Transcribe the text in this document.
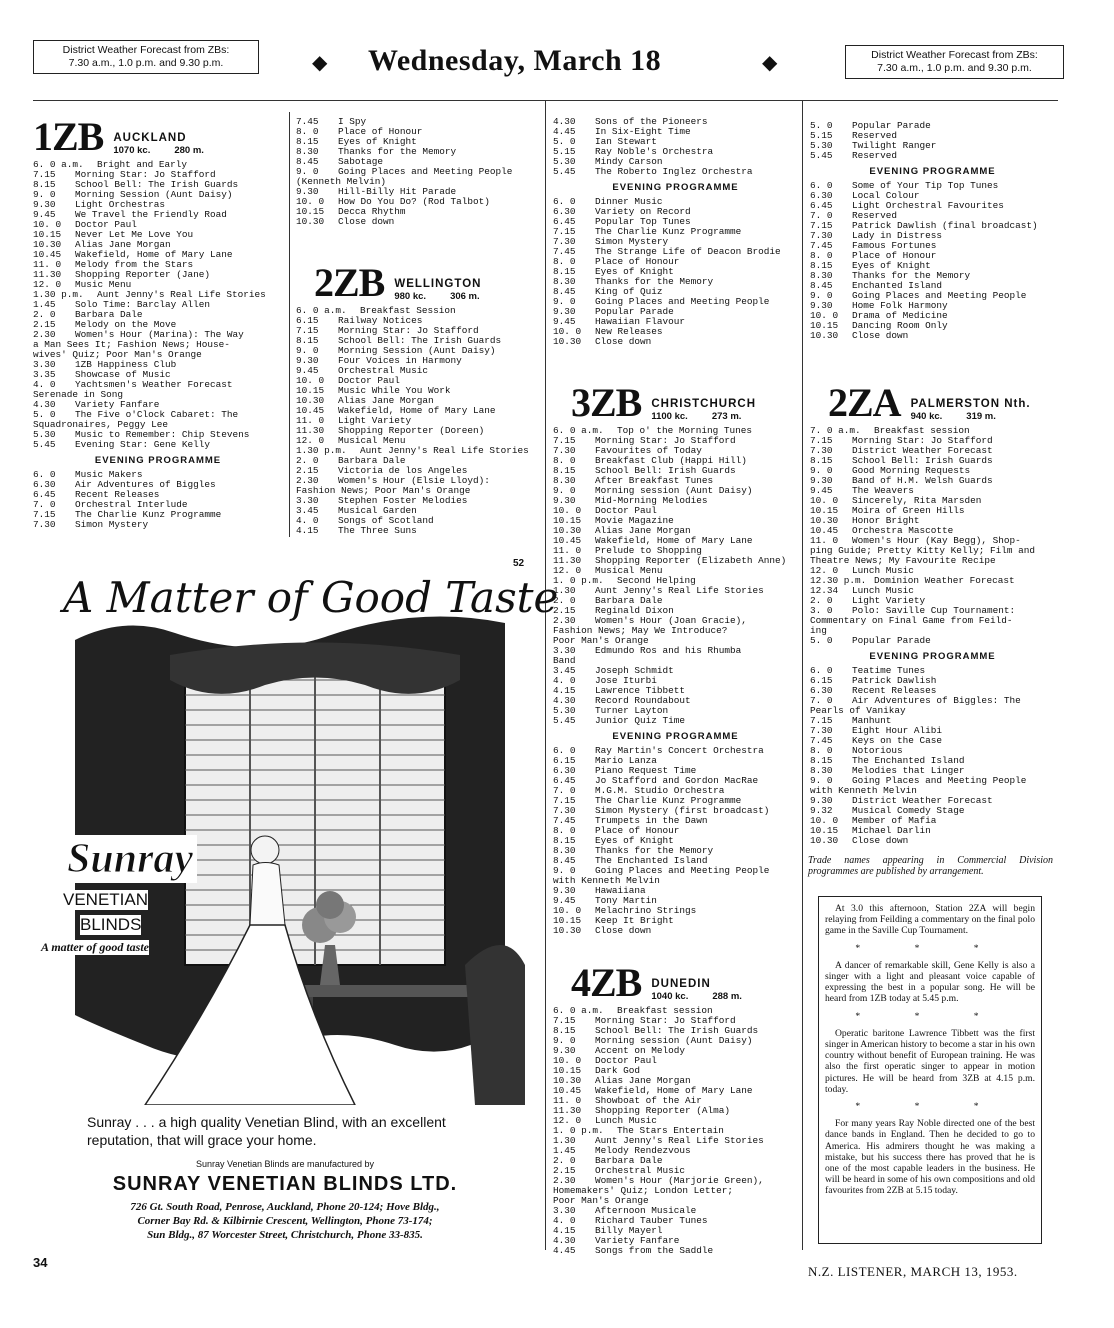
District Weather Forecast from ZBs:
7.30 a.m., 1.0 p.m. and 9.30 p.m.	◆ Wednesday, March 18	◆	District Weather Forecast from ZBs:
7.30 a.m., 1.0 p.m. and 9.30 p.m.
1ZB AUCKLAND
1070 kc.	280 m.
6. 0 a.m.	Bright and Early
7.15	Morning Star: Jo Stafford
8.15	School Bell: The Irish Guards
9. 0	Morning Session (Aunt Daisy)
9.30	Light Orchestras
9.45	We Travel the Friendly Road
10. 0	Doctor Paul
10.15	Never Let Me Love You
10.30	Alias Jane Morgan
10.45	Wakefield, Home of Mary Lane
11. 0	Melody from the Stars
11.30	Shopping Reporter (Jane)
12. 0	Music Menu
1.30 p.m.	Aunt Jenny's Real Life Stories
1.45	Solo Time: Barclay Allen
2. 0	Barbara Dale
2.15	Melody on the Move
2.30	Women's Hour (Marina): The Way
a Man Sees It; Fashion News; House-
wives' Quiz; Poor Man's Orange
3.30	1ZB Happiness Club
3.35	Showcase of Music
4. 0	Yachtsmen's Weather Forecast
Serenade in Song
4.30	Variety Fanfare
5. 0	The Five o'Clock Cabaret: The
Squadronaires, Peggy Lee
5.30	Music to Remember: Chip Stevens
5.45	Evening Star: Gene Kelly
EVENING PROGRAMME
6. 0	Music Makers
6.30	Air Adventures of Biggles
6.45	Recent Releases
7. 0	Orchestral Interlude
7.15	The Charlie Kunz Programme
7.30	Simon Mystery
7.45	I Spy
8. 0	Place of Honour
8.15	Eyes of Knight
8.30	Thanks for the Memory
8.45	Sabotage
9. 0	Going Places and Meeting People
(Kenneth Melvin)
9.30	Hill-Billy Hit Parade
10. 0	How Do You Do? (Rod Talbot)
10.15	Decca Rhythm
10.30	Close down
2ZB WELLINGTON
980 kc.	306 m.
6. 0 a.m.	Breakfast Session
6.15	Railway Notices
7.15	Morning Star: Jo Stafford
8.15	School Bell: The Irish Guards
9. 0	Morning Session (Aunt Daisy)
9.30	Four Voices in Harmony
9.45	Orchestral Music
10. 0	Doctor Paul
10.15	Music While You Work
10.30	Alias Jane Morgan
10.45	Wakefield, Home of Mary Lane
11. 0	Light Variety
11.30	Shopping Reporter (Doreen)
12. 0	Musical Menu
1.30 p.m.	Aunt Jenny's Real Life Stories
2. 0	Barbara Dale
2.15	Victoria de los Angeles
2.30	Women's Hour (Elsie Lloyd):
Fashion News; Poor Man's Orange
3.30	Stephen Foster Melodies
3.45	Musical Garden
4. 0	Songs of Scotland
4.15	The Three Suns
4.30	Sons of the Pioneers
4.45	In Six-Eight Time
5. 0	Ian Stewart
5.15	Ray Noble's Orchestra
5.30	Mindy Carson
5.45	The Roberto Inglez Orchestra
EVENING PROGRAMME
6. 0	Dinner Music
6.30	Variety on Record
6.45	Popular Top Tunes
7.15	The Charlie Kunz Programme
7.30	Simon Mystery
7.45	The Strange Life of Deacon Brodie
8. 0	Place of Honour
8.15	Eyes of Knight
8.30	Thanks for the Memory
8.45	King of Quiz
9. 0	Going Places and Meeting People
9.30	Popular Parade
9.45	Hawaiian Flavour
10. 0	New Releases
10.30	Close down
3ZB CHRISTCHURCH
1100 kc.	273 m.
6. 0 a.m.	Top o' the Morning Tunes
7.15	Morning Star: Jo Stafford
7.30	Favourites of Today
8. 0	Breakfast Club (Happi Hill)
8.15	School Bell: Irish Guards
8.30	After Breakfast Tunes
9. 0	Morning session (Aunt Daisy)
9.30	Mid-Morning Melodies
10. 0	Doctor Paul
10.15	Movie Magazine
10.30	Alias Jane Morgan
10.45	Wakefield, Home of Mary Lane
11. 0	Prelude to Shopping
11.30	Shopping Reporter (Elizabeth Anne)
12. 0	Musical Menu
1. 0 p.m.	Second Helping
1.30	Aunt Jenny's Real Life Stories
2. 0	Barbara Dale
2.15	Reginald Dixon
2.30	Women's Hour (Joan Gracie),
Fashion News; May We Introduce?
Poor Man's Orange
3.30	Edmundo Ros and his Rhumba
Band
3.45	Joseph Schmidt
4. 0	Jose Iturbi
4.15	Lawrence Tibbett
4.30	Record Roundabout
5.30	Turner Layton
5.45	Junior Quiz Time
EVENING PROGRAMME
6. 0	Ray Martin's Concert Orchestra
6.15	Mario Lanza
6.30	Piano Request Time
6.45	Jo Stafford and Gordon MacRae
7. 0	M.G.M. Studio Orchestra
7.15	The Charlie Kunz Programme
7.30	Simon Mystery (first broadcast)
7.45	Trumpets in the Dawn
8. 0	Place of Honour
8.15	Eyes of Knight
8.30	Thanks for the Memory
8.45	The Enchanted Island
9. 0	Going Places and Meeting People
with Kenneth Melvin
9.30	Hawaiiana
9.45	Tony Martin
10. 0	Melachrino Strings
10.15	Keep It Bright
10.30	Close down
4ZB DUNEDIN
1040 kc.	288 m.
6. 0 a.m.	Breakfast session
7.15	Morning Star: Jo Stafford
8.15	School Bell: The Irish Guards
9. 0	Morning session (Aunt Daisy)
9.30	Accent on Melody
10. 0	Doctor Paul
10.15	Dark God
10.30	Alias Jane Morgan
10.45	Wakefield, Home of Mary Lane
11. 0	Showboat of the Air
11.30	Shopping Reporter (Alma)
12. 0	Lunch Music
1. 0 p.m.	The Stars Entertain
1.30	Aunt Jenny's Real Life Stories
1.45	Melody Rendezvous
2. 0	Barbara Dale
2.15	Orchestral Music
2.30	Women's Hour (Marjorie Green),
Homemakers' Quiz; London Letter;
Poor Man's Orange
3.30	Afternoon Musicale
4. 0	Richard Tauber Tunes
4.15	Billy Mayerl
4.30	Variety Fanfare
4.45	Songs from the Saddle
5. 0	Popular Parade
5.15	Reserved
5.30	Twilight Ranger
5.45	Reserved
EVENING PROGRAMME
6. 0	Some of Your Tip Top Tunes
6.30	Local Colour
6.45	Light Orchestral Favourites
7. 0	Reserved
7.15	Patrick Dawlish (final broadcast)
7.30	Lady in Distress
7.45	Famous Fortunes
8. 0	Place of Honour
8.15	Eyes of Knight
8.30	Thanks for the Memory
8.45	Enchanted Island
9. 0	Going Places and Meeting People
9.30	Home Folk Harmony
10. 0	Drama of Medicine
10.15	Dancing Room Only
10.30	Close down
2ZA PALMERSTON Nth.
940 kc.	319 m.
7. 0 a.m.	Breakfast session
7.15	Morning Star: Jo Stafford
7.30	District Weather Forecast
8.15	School Bell: Irish Guards
9. 0	Good Morning Requests
9.30	Band of H.M. Welsh Guards
9.45	The Weavers
10. 0	Sincerely, Rita Marsden
10.15	Moira of Green Hills
10.30	Honor Bright
10.45	Orchestra Mascotte
11. 0	Women's Hour (Kay Begg), Shop-
ping Guide; Pretty Kitty Kelly; Film and
Theatre News; My Favourite Recipe
12. 0	Lunch Music
12.30 p.m. Dominion Weather Forecast
12.34	Lunch Music
2. 0	Light Variety
3. 0	Polo: Saville Cup Tournament:
Commentary on Final Game from Feild-
ing
5. 0	Popular Parade
EVENING PROGRAMME
6. 0	Teatime Tunes
6.15	Patrick Dawlish
6.30	Recent Releases
7. 0	Air Adventures of Biggles: The
Pearls of Vanikay
7.15	Manhunt
7.30	Eight Hour Alibi
7.45	Keys on the Case
8. 0	Notorious
8.15	The Enchanted Island
8.30	Melodies that Linger
9. 0	Going Places and Meeting People
with Kenneth Melvin
9.30	District Weather Forecast
9.32	Musical Comedy Stage
10. 0	Member of Mafia
10.15	Michael Darlin
10.30	Close down
Trade names appearing in Commercial Division programmes are published by arrangement.

At 3.0 this afternoon, Station 2ZA will begin relaying from Feilding a commentary on the final polo game in the Saville Cup Tournament.

* * *

A dancer of remarkable skill, Gene Kelly is also a singer with a light and pleasant voice capable of expressing the best in a popular song. He will be heard from 1ZB today at 5.45 p.m.

* * *

Operatic baritone Lawrence Tibbett was the first singer in American history to become a star in his own country without benefit of European training. He was also the first operatic singer to appear in motion pictures. He will be heard from 3ZB at 4.15 p.m. today.

* * *

For many years Ray Noble directed one of the best dance bands in England. Then he decided to go to America. His admirers thought he was making a mistake, but his success there has proved that he is one of the most capable leaders in the business. He will be heard in some of his own compositions and old favourites from 2ZB at 5.15 today.

52
A Matter of Good Taste
Sunray
VENETIAN
BLINDS
A matter of good taste
Sunray . . . a high quality Venetian Blind, with an excellent reputation, that will grace your home.
Sunray Venetian Blinds are manufactured by
SUNRAY VENETIAN BLINDS LTD.
726 Gt. South Road, Penrose, Auckland, Phone 20-124; Hove Bldg.,
Corner Bay Rd. & Kilbirnie Crescent, Wellington, Phone 73-174;
Sun Bldg., 87 Worcester Street, Christchurch, Phone 33-835.
34
N.Z. LISTENER, MARCH 13, 1953.
